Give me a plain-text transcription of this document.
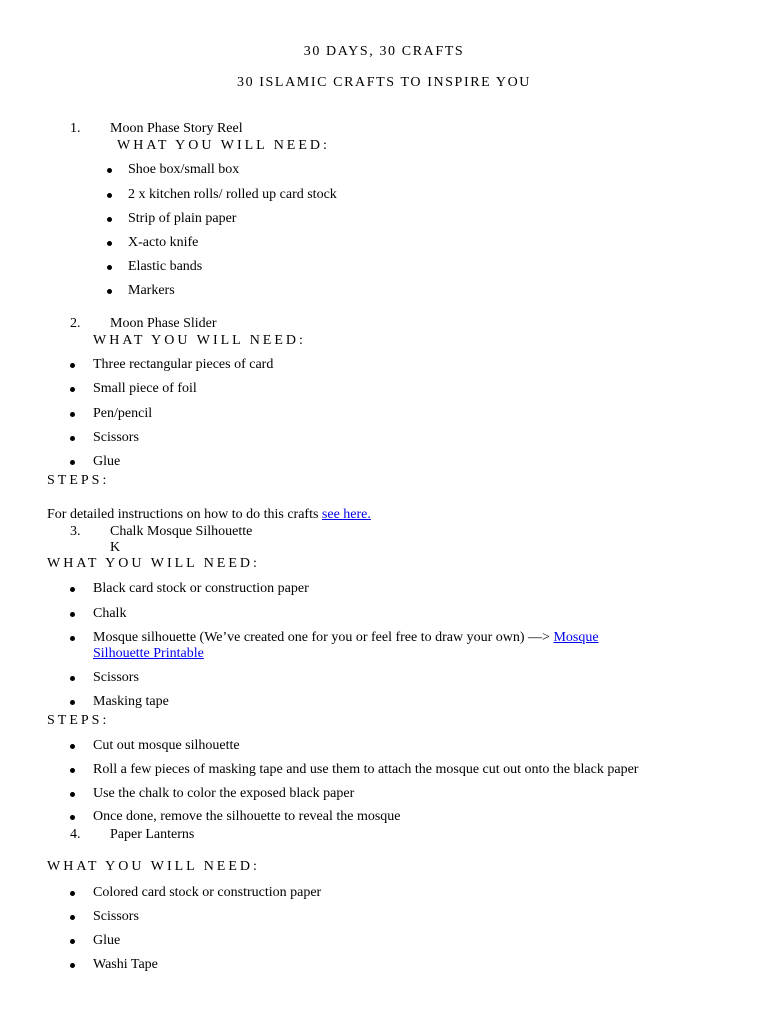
30 DAYS, 30 CRAFTS
30 ISLAMIC CRAFTS TO INSPIRE YOU
1. Moon Phase Story Reel
WHAT YOU WILL NEED:
Shoe box/small box
2 x kitchen rolls/ rolled up card stock
Strip of plain paper
X-acto knife
Elastic bands
Markers
2. Moon Phase Slider
WHAT YOU WILL NEED:
Three rectangular pieces of card
Small piece of foil
Pen/pencil
Scissors
Glue
STEPS:
For detailed instructions on how to do this crafts see here.
3. Chalk Mosque Silhouette
K
WHAT YOU WILL NEED:
Black card stock or construction paper
Chalk
Mosque silhouette (We’ve created one for you or feel free to draw your own) —> Mosque
Silhouette Printable
Scissors
Masking tape
STEPS:
Cut out mosque silhouette
Roll a few pieces of masking tape and use them to attach the mosque cut out onto the black paper
Use the chalk to color the exposed black paper
Once done, remove the silhouette to reveal the mosque
4. Paper Lanterns
WHAT YOU WILL NEED:
Colored card stock or construction paper
Scissors
Glue
Washi Tape
